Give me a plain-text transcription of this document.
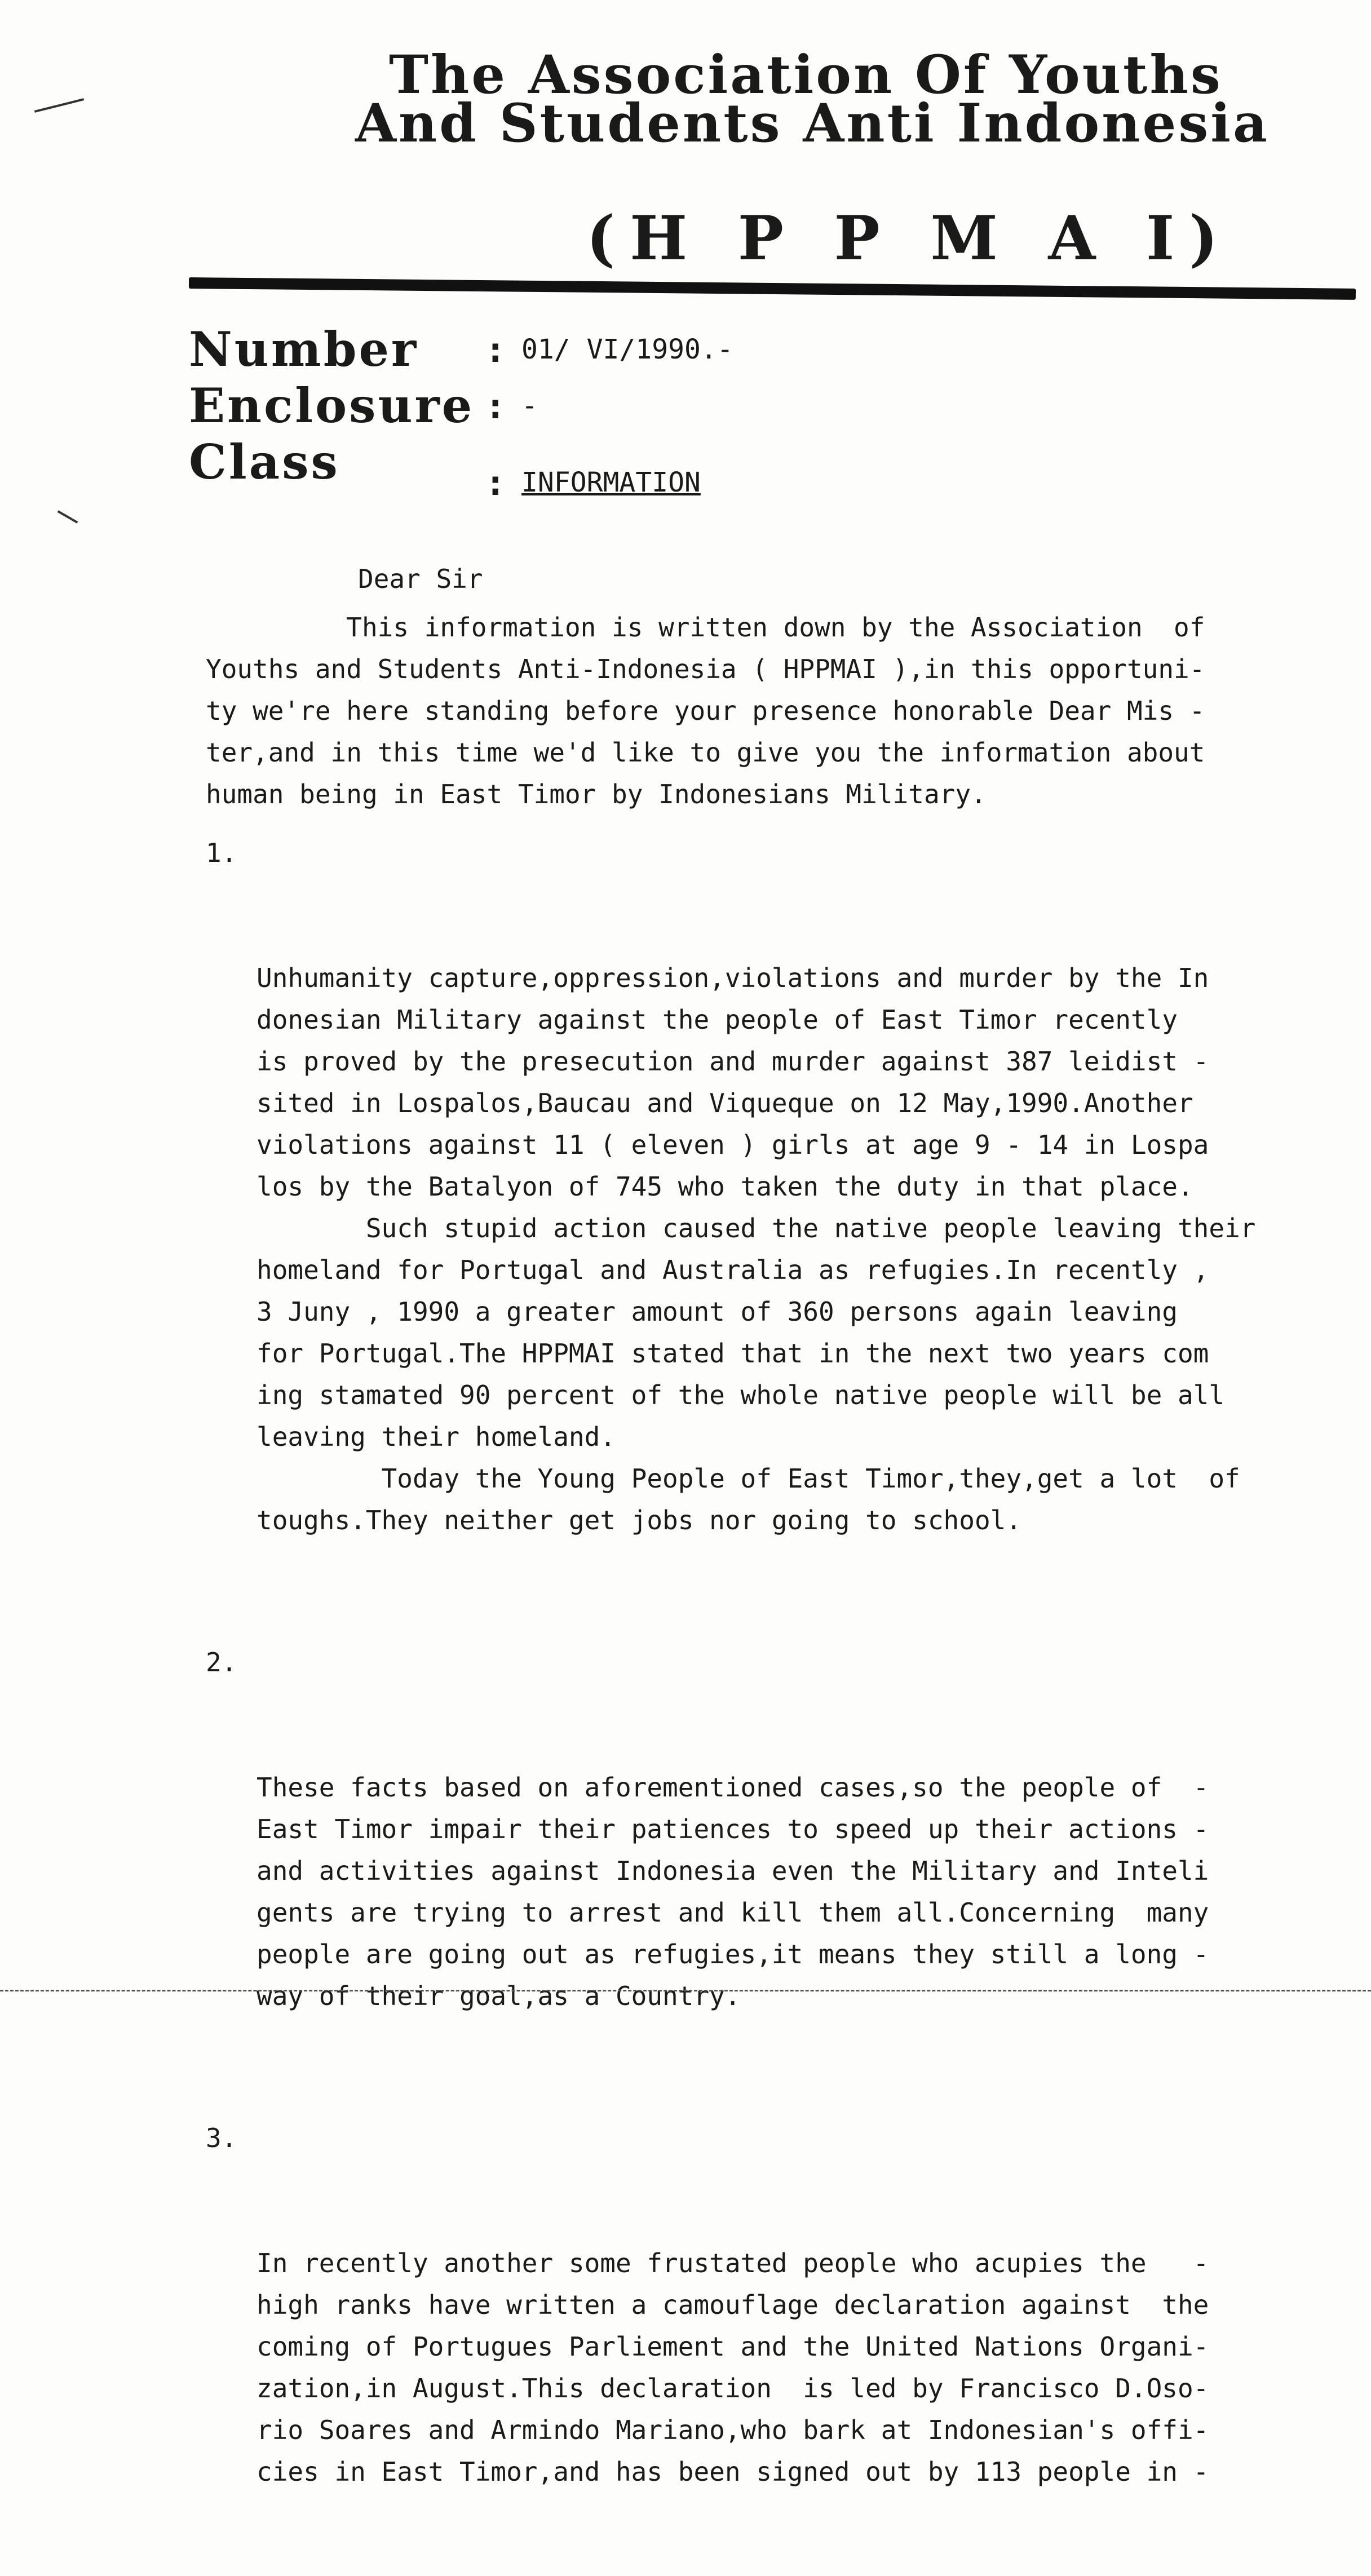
The Association Of Youths
And Students Anti Indonesia
(H P P M A I)
Number : 01/ VI/1990.-
Enclosure : -
Class	: INFORMATION
Dear Sir
This information is written down by the Association  of
Youths and Students Anti-Indonesia ( HPPMAI ),in this opportuni-
ty we're here standing before your presence honorable Dear Mis -
ter,and in this time we'd like to give you the information about
human being in East Timor by Indonesians Military.

1.

Unhumanity capture,oppression,violations and murder by the In
donesian Military against the people of East Timor recently
is proved by the presecution and murder against 387 leidist -
sited in Lospalos,Baucau and Viqueque on 12 May,1990.Another
violations against 11 ( eleven ) girls at age 9 - 14 in Lospa
los by the Batalyon of 745 who taken the duty in that place.
Such stupid action caused the native people leaving their
homeland for Portugal and Australia as refugies.In recently ,
3 Juny , 1990 a greater amount of 360 persons again leaving
for Portugal.The HPPMAI stated that in the next two years com
ing stamated 90 percent of the whole native people will be all
leaving their homeland.
Today the Young People of East Timor,they,get a lot  of
toughs.They neither get jobs nor going to school.

2.

These facts based on aforementioned cases,so the people of  -
East Timor impair their patiences to speed up their actions -
and activities against Indonesia even the Military and Inteli
gents are trying to arrest and kill them all.Concerning  many
people are going out as refugies,it means they still a long -
way of their goal,as a Country.

3.

In recently another some frustated people who acupies the   -
high ranks have written a camouflage declaration against  the
coming of Portugues Parliement and the United Nations Organi-
zation,in August.This declaration  is led by Francisco D.Oso-
rio Soares and Armindo Mariano,who bark at Indonesian's offi-
cies in East Timor,and has been signed out by 113 people in -
